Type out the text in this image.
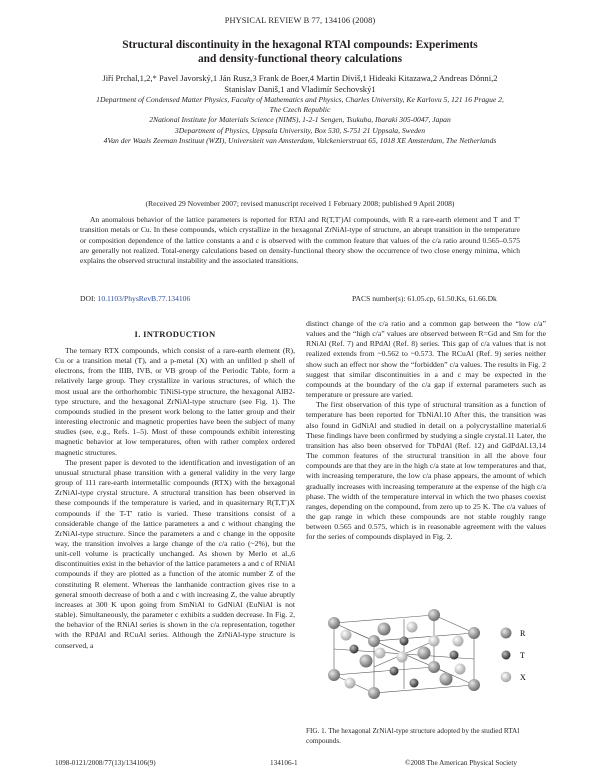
PHYSICAL REVIEW B 77, 134106 (2008)
Structural discontinuity in the hexagonal RTAl compounds: Experiments
and density-functional theory calculations
Jiří Prchal,1,2,* Pavel Javorský,1 Ján Rusz,3 Frank de Boer,4 Martin Diviš,1 Hideaki Kitazawa,2 Andreas Dönni,2
Stanislav Daniš,1 and Vladimír Sechovský1
1Department of Condensed Matter Physics, Faculty of Mathematics and Physics, Charles University, Ke Karlovu 5, 121 16 Prague 2,
The Czech Republic
2National Institute for Materials Science (NIMS), 1-2-1 Sengen, Tsukuba, Ibaraki 305-0047, Japan
3Department of Physics, Uppsala University, Box 530, S-751 21 Uppsala, Sweden
4Van der Waals Zeeman Instituut (WZI), Universiteit van Amsterdam, Valckenierstraat 65, 1018 XE Amsterdam, The Netherlands
(Received 29 November 2007; revised manuscript received 1 February 2008; published 9 April 2008)
An anomalous behavior of the lattice parameters is reported for RTAl and R(T,T′)Al compounds, with R a rare-earth element and T and T′ transition metals or Cu. In these compounds, which crystallize in the hexagonal ZrNiAl-type of structure, an abrupt transition in the temperature or composition dependence of the lattice constants a and c is observed with the common feature that values of the c/a ratio around 0.565–0.575 are generally not realized. Total-energy calculations based on density-functional theory show the occurrence of two close energy minima, which explains the observed structural instability and the associated transitions.
DOI: 10.1103/PhysRevB.77.134106	PACS number(s): 61.05.cp, 61.50.Ks, 61.66.Dk
I. INTRODUCTION

The ternary RTX compounds, which consist of a rare-earth element (R), Cu or a transition metal (T), and a p-metal (X) with an unfilled p shell of electrons, from the IIIB, IVB, or VB group of the Periodic Table, form a relatively large group. They crystallize in various structures, of which the most usual are the orthorhombic TiNiSi-type structure, the hexagonal AlB2-type structure, and the hexagonal ZrNiAl-type structure (see Fig. 1). The compounds studied in the present work belong to the latter group and their interesting electronic and magnetic properties have been the subject of many studies (see, e.g., Refs. 1–5). Most of these compounds exhibit interesting magnetic behavior at low temperatures, often with rather complex ordered magnetic structures.

The present paper is devoted to the identification and investigation of an unusual structural phase transition with a general validity in the very large group of 111 rare-earth intermetallic compounds (RTX) with the hexagonal ZrNiAl-type crystal structure. A structural transition has been observed in these compounds if the temperature is varied, and in quasiternary R(T,T′)X compounds if the T-T′ ratio is varied. These transitions consist of a considerable change of the lattice parameters a and c without changing the ZrNiAl-type structure. Since the parameters a and c change in the opposite way, the transition involves a large change of the c/a ratio (~2%), but the unit-cell volume is practically unchanged. As shown by Merlo et al.,6 discontinuities exist in the behavior of the lattice parameters a and c of RNiAl compounds if they are plotted as a function of the atomic number Z of the constituting R element. Whereas the lanthanide contraction gives rise to a general smooth decrease of both a and c with increasing Z, the value abruptly increases at 300 K upon going from SmNiAl to GdNiAl (EuNiAl is not stable). Simultaneously, the parameter c exhibits a sudden decrease. In Fig. 2, the behavior of the RNiAl series is shown in the c/a representation, together with the RPdAl and RCuAl series. Although the ZrNiAl-type structure is conserved, a

distinct change of the c/a ratio and a common gap between the “low c/a” values and the “high c/a” values are observed between R=Gd and Sm for the RNiAl (Ref. 7) and RPdAl (Ref. 8) series. This gap of c/a values that is not realized extends from ~0.562 to ~0.573. The RCuAl (Ref. 9) series neither show such an effect nor show the “forbidden” c/a values. The results in Fig. 2 suggest that similar discontinuities in a and c may be expected in the compounds at the boundary of the c/a gap if external parameters such as temperature or pressure are varied.

The first observation of this type of structural transition as a function of temperature has been reported for TbNiAl.10 After this, the transition was also found in GdNiAl and studied in detail on a polycrystalline material.6 These findings have been confirmed by studying a single crystal.11 Later, the transition has also been observed for TbPdAl (Ref. 12) and GdPdAl.13,14 The common features of the structural transition in all the above four compounds are that they are in the high c/a state at low temperatures and that, with increasing temperature, the low c/a phase appears, the amount of which gradually increases with increasing temperature at the expense of the high c/a phase. The width of the temperature interval in which the two phases coexist ranges, depending on the compound, from zero up to 25 K. The c/a values of the gap range in which these compounds are not stable roughly range between 0.565 and 0.575, which is in reasonable agreement with the values for the series of compounds displayed in Fig. 2.

R
T
X
FIG. 1. The hexagonal ZrNiAl-type structure adopted by the studied RTAl compounds.
1098-0121/2008/77(13)/134106(9)	134106-1	©2008 The American Physical Society
